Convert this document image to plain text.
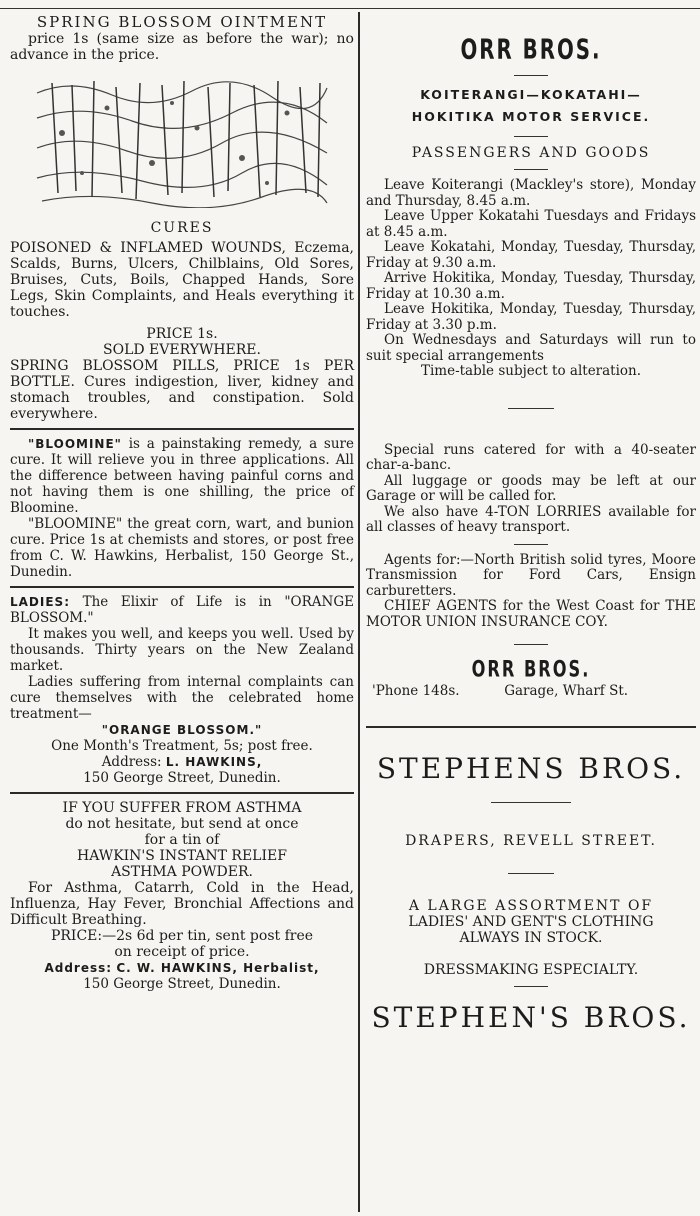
SPRING BLOSSOM OINTMENT

price 1s (same size as before the war); no advance in the price.

CURES

POISONED & INFLAMED WOUNDS, Eczema, Scalds, Burns, Ulcers, Chilblains, Old Sores, Bruises, Cuts, Boils, Chapped Hands, Sore Legs, Skin Complaints, and Heals everything it touches.

PRICE 1s.

SOLD EVERYWHERE.

SPRING BLOSSOM PILLS, PRICE 1s PER BOTTLE. Cures indigestion, liver, kidney and stomach troubles, and constipation. Sold everywhere.

"BLOOMINE" is a painstaking remedy, a sure cure. It will relieve you in three applications. All the difference between having painful corns and not having them is one shilling, the price of Bloomine.

"BLOOMINE" the great corn, wart, and bunion cure. Price 1s at chemists and stores, or post free from C. W. Hawkins, Herbalist, 150 George St., Dunedin.

LADIES: The Elixir of Life is in "ORANGE BLOSSOM."

It makes you well, and keeps you well. Used by thousands. Thirty years on the New Zealand market.

Ladies suffering from internal complaints can cure themselves with the celebrated home treatment—

"ORANGE BLOSSOM."

One Month's Treatment, 5s; post free.

Address: L. HAWKINS,

150 George Street, Dunedin.

IF YOU SUFFER FROM ASTHMA

do not hesitate, but send at once

for a tin of

HAWKIN'S INSTANT RELIEF

ASTHMA POWDER.

For Asthma, Catarrh, Cold in the Head, Influenza, Hay Fever, Bronchial Affections and Difficult Breathing.

PRICE:—2s 6d per tin, sent post free

on receipt of price.

Address: C. W. HAWKINS, Herbalist,

150 George Street, Dunedin.

ORR BROS.

KOITERANGI—KOKATAHI—HOKITIKA MOTOR SERVICE.

PASSENGERS AND GOODS

Leave Koiterangi (Mackley's store), Monday and Thursday, 8.45 a.m.

Leave Upper Kokatahi Tuesdays and Fridays at 8.45 a.m.

Leave Kokatahi, Monday, Tuesday, Thursday, Friday at 9.30 a.m.

Arrive Hokitika, Monday, Tuesday, Thursday, Friday at 10.30 a.m.

Leave Hokitika, Monday, Tuesday, Thursday, Friday at 3.30 p.m.

On Wednesdays and Saturdays will run to suit special arrangements

Time-table subject to alteration.

Special runs catered for with a 40-seater char-a-banc.

All luggage or goods may be left at our Garage or will be called for.

We also have 4-TON LORRIES available for all classes of heavy transport.

Agents for:—North British solid tyres, Moore Transmission for Ford Cars, Ensign carburetters.

CHIEF AGENTS for the West Coast for THE MOTOR UNION INSURANCE COY.

ORR BROS.

'Phone 148s.	Garage, Wharf St.

STEPHENS BROS.

DRAPERS, REVELL STREET.

A LARGE ASSORTMENT OF

LADIES' AND GENT'S CLOTHING

ALWAYS IN STOCK.

DRESSMAKING ESPECIALTY.

STEPHEN'S BROS.
